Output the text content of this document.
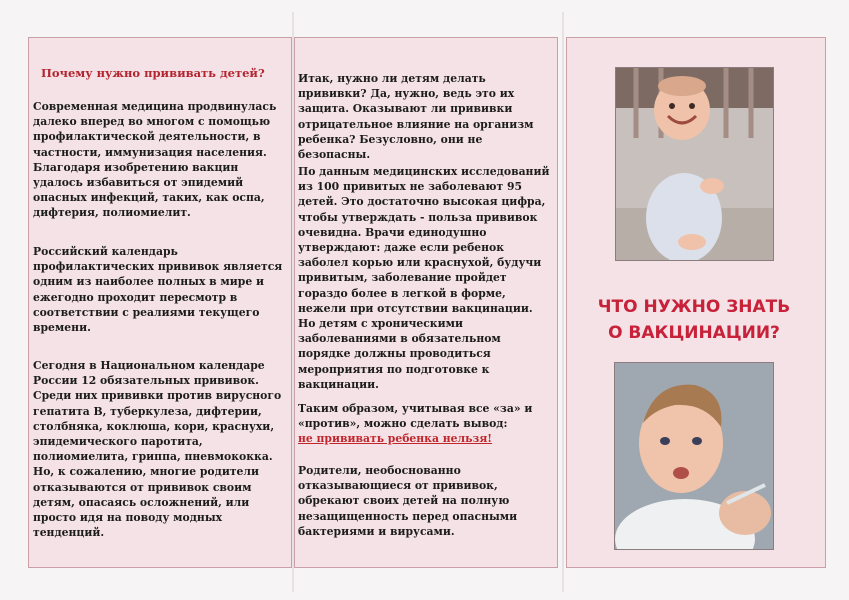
Почему нужно прививать детей?

Современная медицина продвинулась далеко вперед во многом с помощью профилактической деятельности, в частности, иммунизация населения. Благодаря изобретению вакцин удалось избавиться от эпидемий опасных инфекций, таких, как оспа, дифтерия, полиомиелит.

Российский календарь профилактических прививок является одним из наиболее полных в мире и ежегодно проходит пересмотр в соответствии с реалиями текущего времени.

Сегодня в Национальном календаре России 12 обязательных прививок. Среди них прививки против вирусного гепатита В, туберкулеза, дифтерии, столбняка, коклюша, кори, краснухи, эпидемического паротита, полиомиелита, гриппа, пневмококка. Но, к сожалению, многие родители отказываются от прививок своим детям, опасаясь осложнений, или просто идя на поводу модных тенденций.

Итак, нужно ли детям делать прививки? Да, нужно, ведь это их защита. Оказывают ли прививки отрицательное влияние на организм ребенка? Безусловно, они не безопасны.

По данным медицинских исследований из 100 привитых не заболевают 95 детей. Это достаточно высокая цифра, чтобы утверждать - польза прививок очевидна. Врачи единодушно утверждают: даже если ребенок заболел корью или краснухой, будучи привитым, заболевание пройдет гораздо более в легкой в форме, нежели при отсутствии вакцинации. Но детям с хроническими заболеваниями в обязательном порядке должны проводиться мероприятия по подготовке к вакцинации.

Таким образом, учитывая все «за» и «против», можно сделать вывод:
не прививать ребенка нельзя!

Родители, необоснованно отказывающиеся от прививок, обрекают своих детей на полную незащищенность перед опасными бактериями и вирусами.

ЧТО НУЖНО ЗНАТЬ
О ВАКЦИНАЦИИ?
